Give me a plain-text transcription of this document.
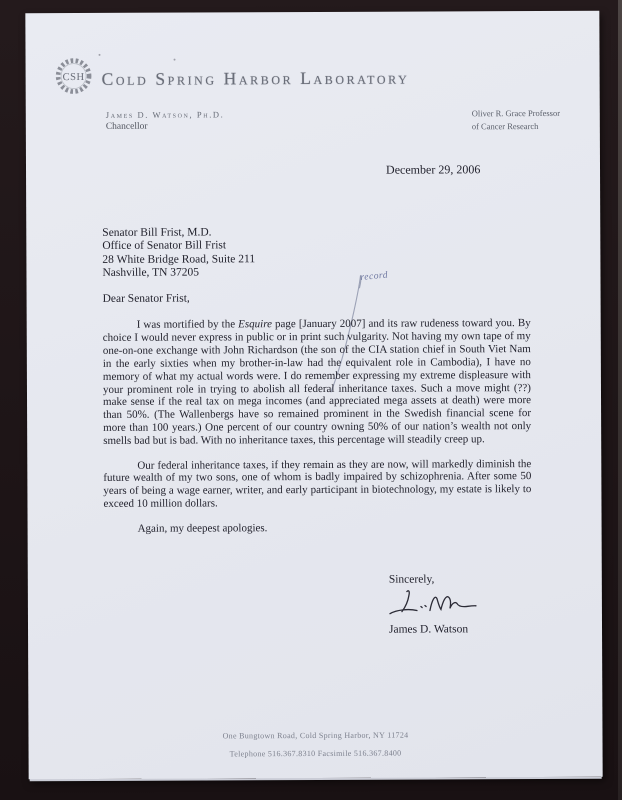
CSH Cold Spring Harbor Laboratory
James D. Watson, Ph.D.
Chancellor
Oliver R. Grace Professor
of Cancer Research
December 29, 2006
Senator Bill Frist, M.D.
Office of Senator Bill Frist
28 White Bridge Road, Suite 211
Nashville, TN 37205
Dear Senator Frist,
record

I was mortified by the Esquire page [January 2007] and its raw rudeness toward you. By choice I would never express in public or in print such vulgarity. Not having my own tape of my one-on-one exchange with John Richardson (the son of the CIA station chief in South Viet Nam in the early sixties when my brother-in-law had the equivalent role in Cambodia), I have no memory of what my actual words were. I do remember expressing my extreme displeasure with your prominent role in trying to abolish all federal inheritance taxes. Such a move might (??) make sense if the real tax on mega incomes (and appreciated mega assets at death) were more than 50%. (The Wallenbergs have so remained prominent in the Swedish financial scene for more than 100 years.) One percent of our country owning 50% of our nation’s wealth not only smells bad but is bad. With no inheritance taxes, this percentage will steadily creep up.

Our federal inheritance taxes, if they remain as they are now, will markedly diminish the future wealth of my two sons, one of whom is badly impaired by schizophrenia. After some 50 years of being a wage earner, writer, and early participant in biotechnology, my estate is likely to exceed 10 million dollars.

Again, my deepest apologies.

Sincerely,
James D. Watson
One Bungtown Road, Cold Spring Harbor, NY 11724
Telephone 516.367.8310 Facsimile 516.367.8400
